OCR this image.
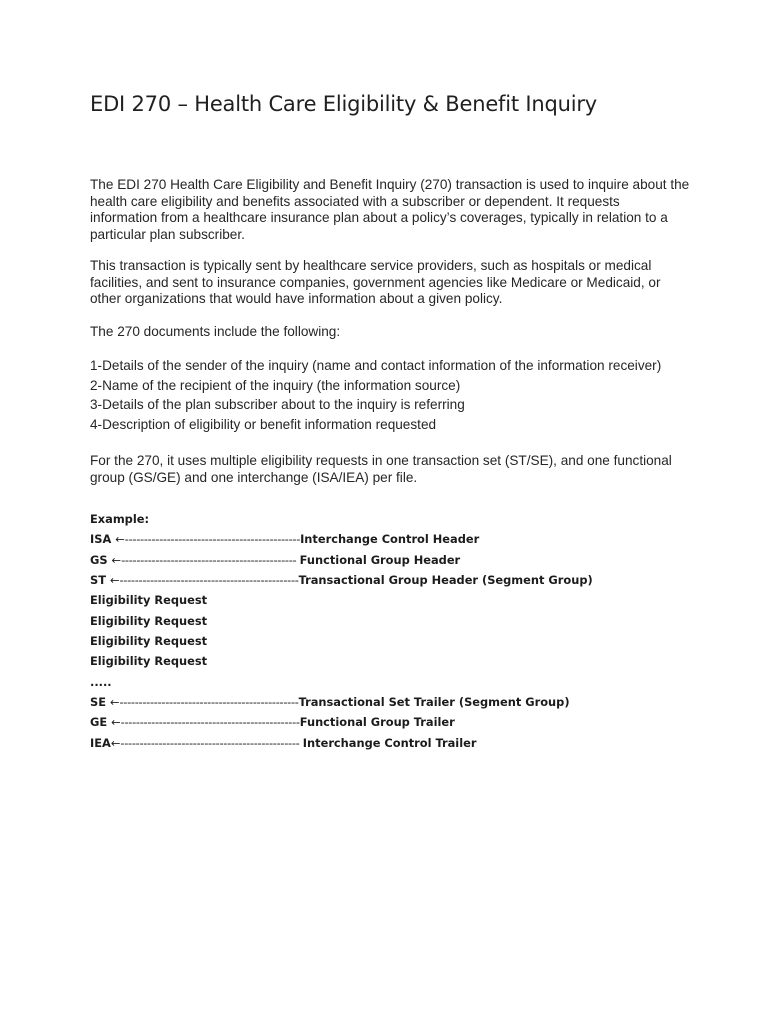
EDI 270 – Health Care Eligibility & Benefit Inquiry
The EDI 270 Health Care Eligibility and Benefit Inquiry (270) transaction is used to inquire about the health care eligibility and benefits associated with a subscriber or dependent. It requests information from a healthcare insurance plan about a policy’s coverages, typically in relation to a particular plan subscriber.
This transaction is typically sent by healthcare service providers, such as hospitals or medical facilities, and sent to insurance companies, government agencies like Medicare or Medicaid, or other organizations that would have information about a given policy.
The 270 documents include the following:
1-Details of the sender of the inquiry (name and contact information of the information receiver)
2-Name of the recipient of the inquiry (the information source)
3-Details of the plan subscriber about to the inquiry is referring
4-Description of eligibility or benefit information requested
For the 270, it uses multiple eligibility requests in one transaction set (ST/SE), and one functional group (GS/GE) and one interchange (ISA/IEA) per file.
Example:
ISA ←----------------------------------------------Interchange Control Header
GS ←---------------------------------------------- Functional Group Header
ST ←-----------------------------------------------Transactional Group Header (Segment Group)
Eligibility Request
Eligibility Request
Eligibility Request
Eligibility Request
.....
SE ←-----------------------------------------------Transactional Set Trailer (Segment Group)
GE ←-----------------------------------------------Functional Group Trailer
IEA←----------------------------------------------- Interchange Control Trailer
